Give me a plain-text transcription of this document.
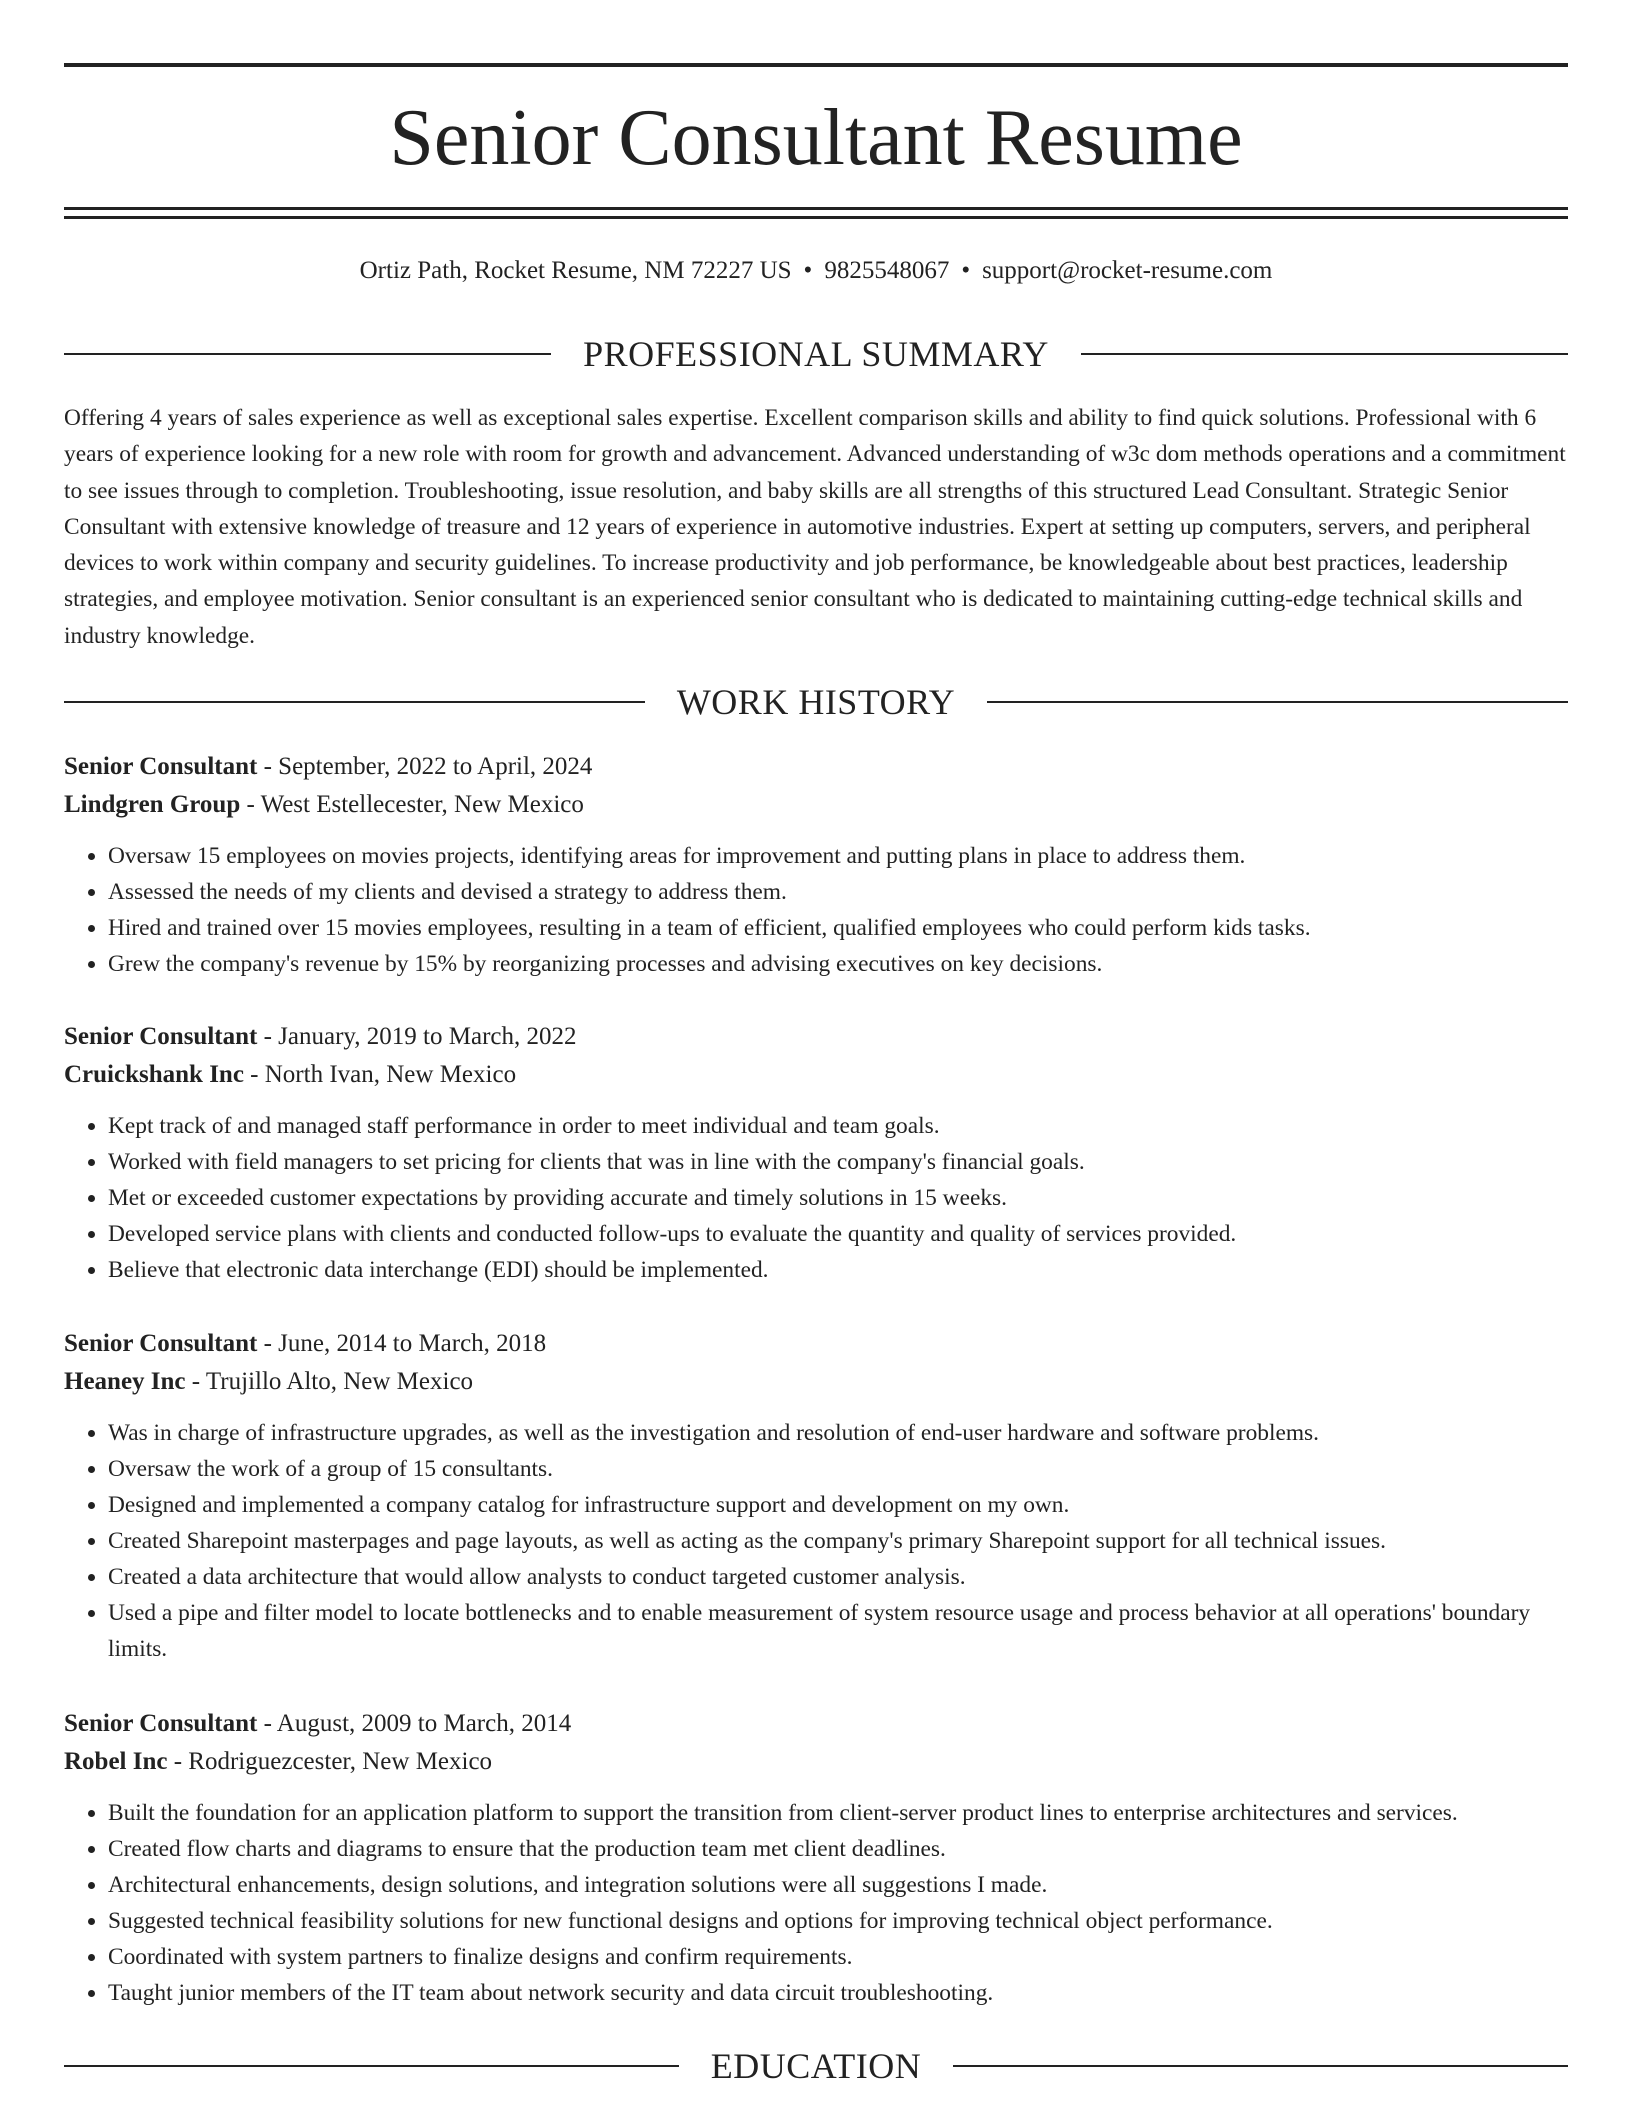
Senior Consultant Resume
Ortiz Path, Rocket Resume, NM 72227 US • 9825548067 • support@rocket-resume.com
PROFESSIONAL SUMMARY

Offering 4 years of sales experience as well as exceptional sales expertise. Excellent comparison skills and ability to find quick solutions. Professional with 6 years of experience looking for a new role with room for growth and advancement. Advanced understanding of w3c dom methods operations and a commitment to see issues through to completion. Troubleshooting, issue resolution, and baby skills are all strengths of this structured Lead Consultant. Strategic Senior Consultant with extensive knowledge of treasure and 12 years of experience in automotive industries. Expert at setting up computers, servers, and peripheral devices to work within company and security guidelines. To increase productivity and job performance, be knowledgeable about best practices, leadership strategies, and employee motivation. Senior consultant is an experienced senior consultant who is dedicated to maintaining cutting-edge technical skills and industry knowledge.

WORK HISTORY
Senior Consultant - September, 2022 to April, 2024
Lindgren Group - West Estellecester, New Mexico
• Oversaw 15 employees on movies projects, identifying areas for improvement and putting plans in place to address them.
• Assessed the needs of my clients and devised a strategy to address them.
• Hired and trained over 15 movies employees, resulting in a team of efficient, qualified employees who could perform kids tasks.
• Grew the company's revenue by 15% by reorganizing processes and advising executives on key decisions.
Senior Consultant - January, 2019 to March, 2022
Cruickshank Inc - North Ivan, New Mexico
• Kept track of and managed staff performance in order to meet individual and team goals.
• Worked with field managers to set pricing for clients that was in line with the company's financial goals.
• Met or exceeded customer expectations by providing accurate and timely solutions in 15 weeks.
• Developed service plans with clients and conducted follow-ups to evaluate the quantity and quality of services provided.
• Believe that electronic data interchange (EDI) should be implemented.
Senior Consultant - June, 2014 to March, 2018
Heaney Inc - Trujillo Alto, New Mexico
• Was in charge of infrastructure upgrades, as well as the investigation and resolution of end-user hardware and software problems.
• Oversaw the work of a group of 15 consultants.
• Designed and implemented a company catalog for infrastructure support and development on my own.
• Created Sharepoint masterpages and page layouts, as well as acting as the company's primary Sharepoint support for all technical issues.
• Created a data architecture that would allow analysts to conduct targeted customer analysis.
• Used a pipe and filter model to locate bottlenecks and to enable measurement of system resource usage and process behavior at all operations' boundary limits.
Senior Consultant - August, 2009 to March, 2014
Robel Inc - Rodriguezcester, New Mexico
• Built the foundation for an application platform to support the transition from client-server product lines to enterprise architectures and services.
• Created flow charts and diagrams to ensure that the production team met client deadlines.
• Architectural enhancements, design solutions, and integration solutions were all suggestions I made.
• Suggested technical feasibility solutions for new functional designs and options for improving technical object performance.
• Coordinated with system partners to finalize designs and confirm requirements.
• Taught junior members of the IT team about network security and data circuit troubleshooting.
EDUCATION
